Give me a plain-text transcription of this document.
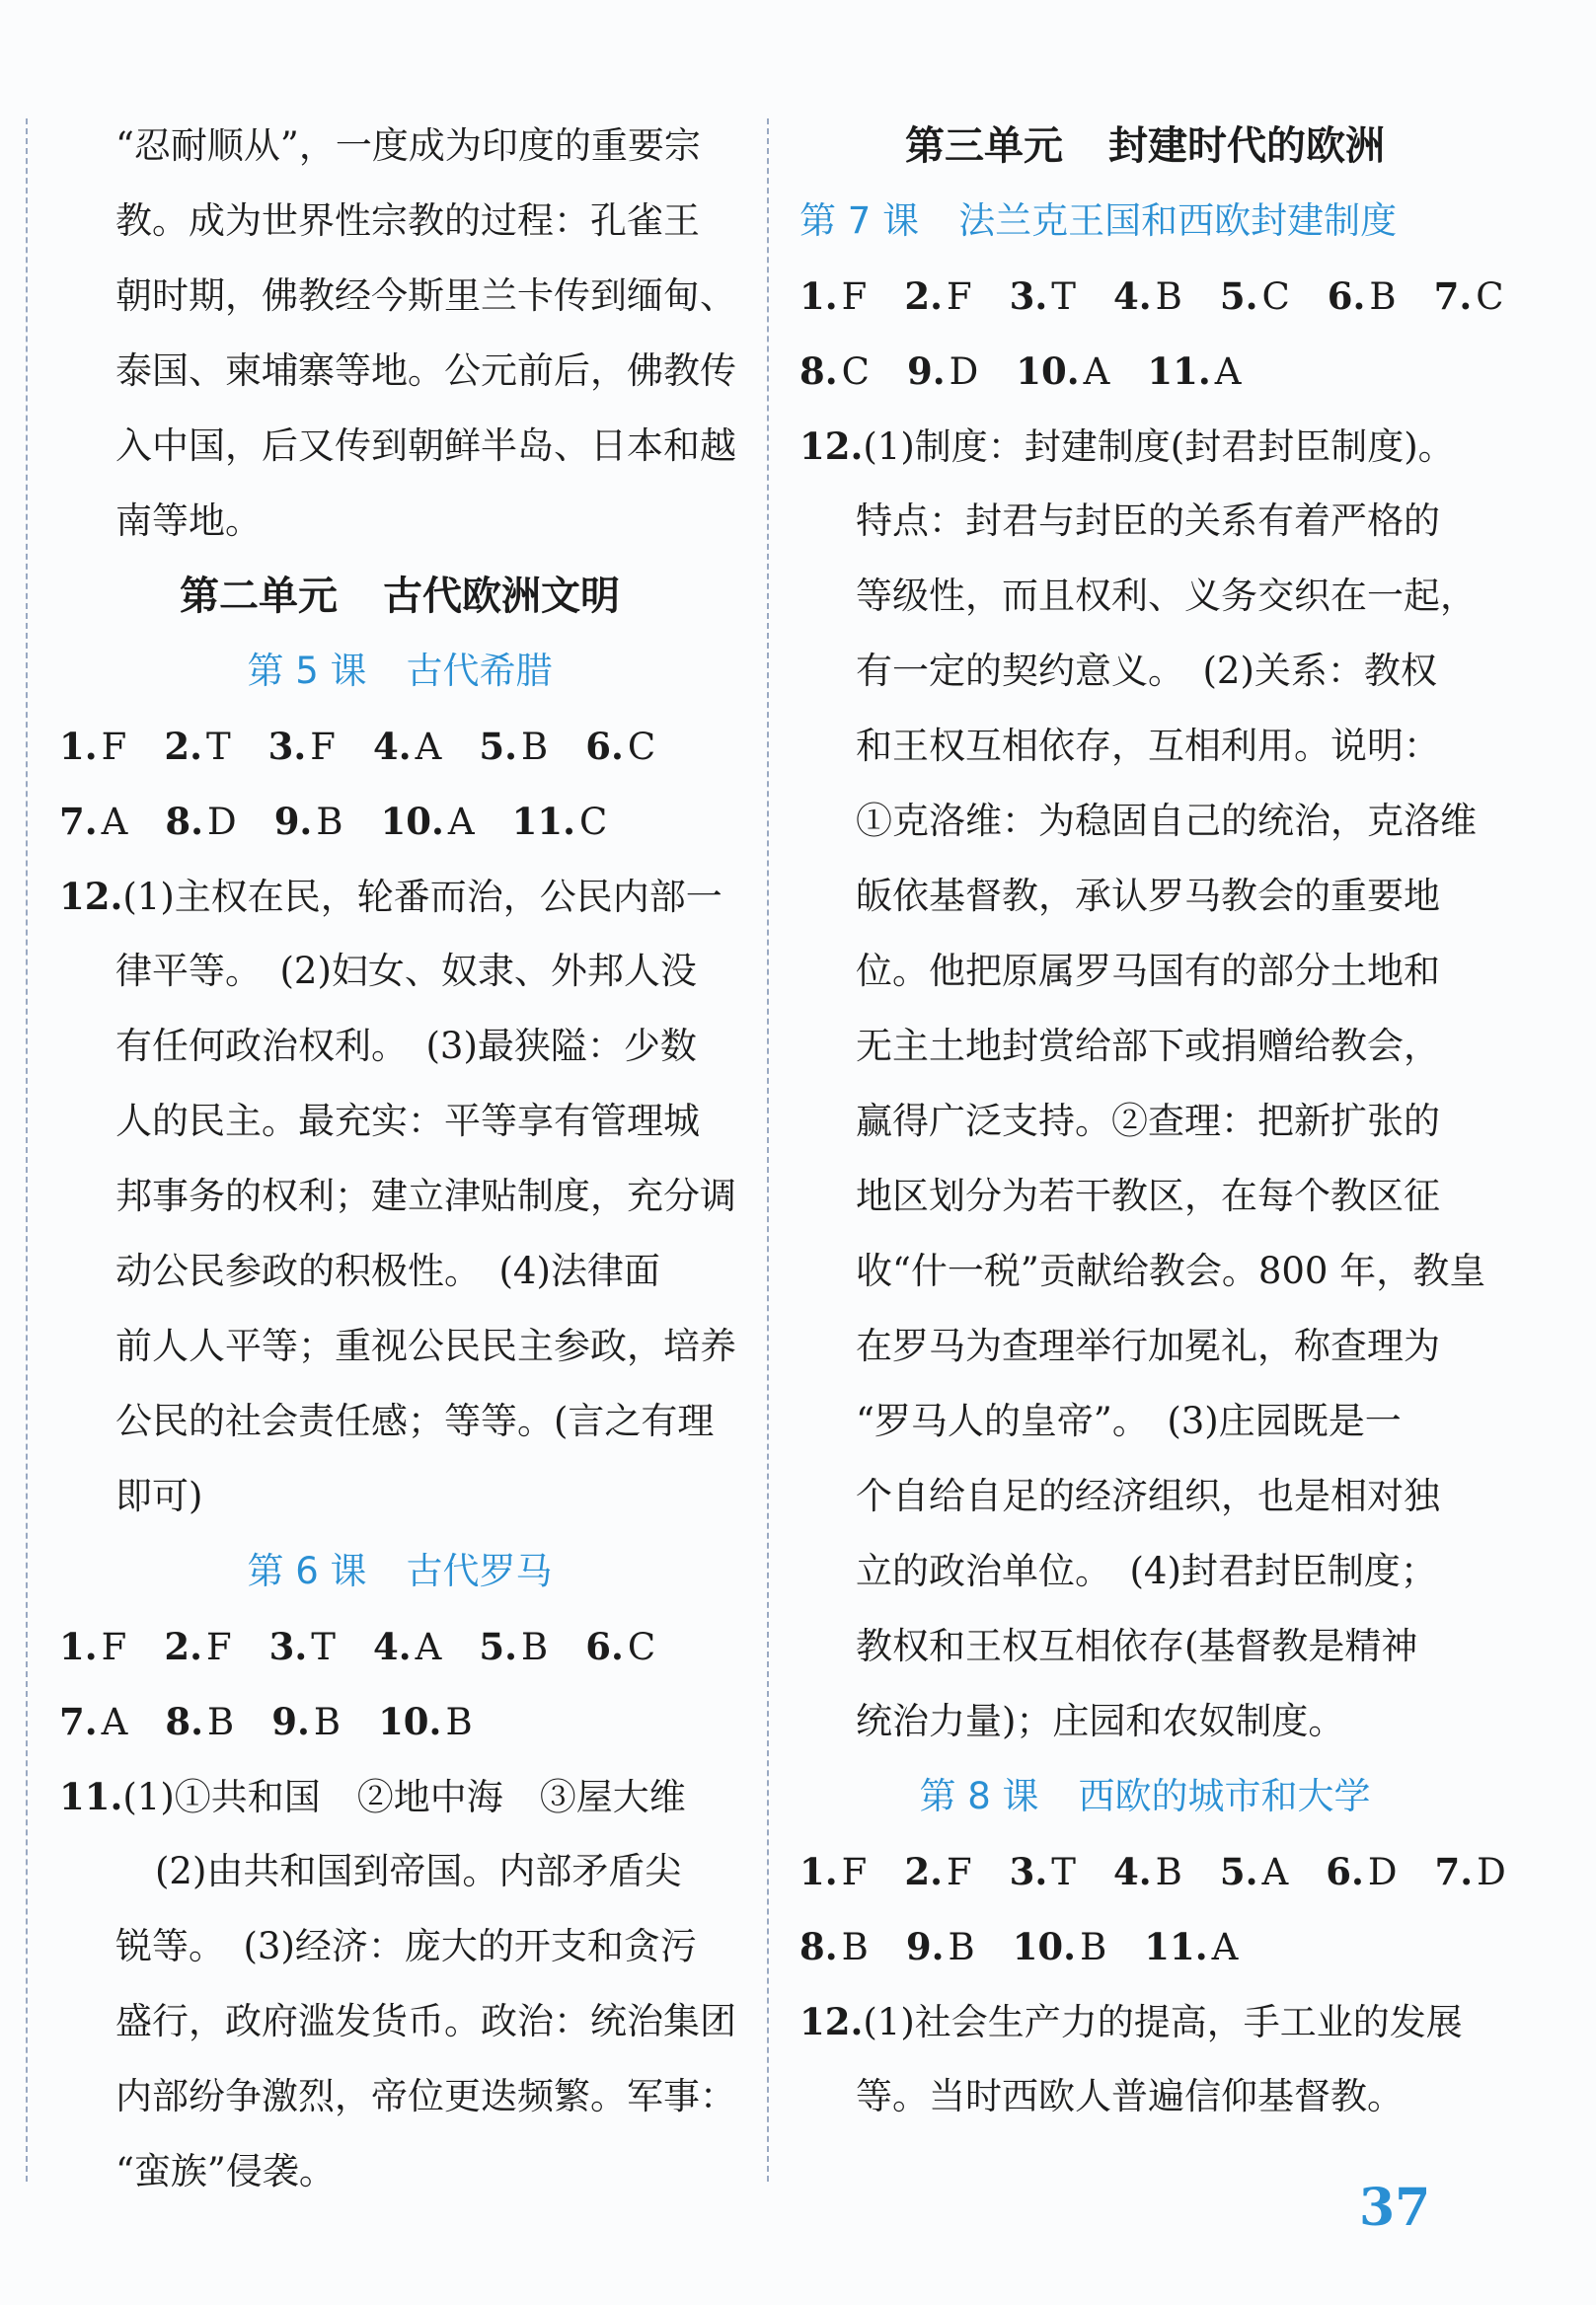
“忍耐顺从”，一度成为印度的重要宗
教。成为世界性宗教的过程：孔雀王
朝时期，佛教经今斯里兰卡传到缅甸、
泰国、柬埔寨等地。公元前后，佛教传
入中国，后又传到朝鲜半岛、日本和越
南等地。
第二单元 古代欧洲文明
第 5 课 古代希腊
1. F 2. T 3. F 4. A 5. B 6. C
7. A 8. D 9. B 10. A 11. C
12.(1)主权在民，轮番而治，公民内部一
律平等。　(2)妇女、奴隶、外邦人没
有任何政治权利。　(3)最狭隘：少数
人的民主。最充实：平等享有管理城
邦事务的权利；建立津贴制度，充分调
动公民参政的积极性。　(4)法律面
前人人平等；重视公民民主参政，培养
公民的社会责任感；等等。(言之有理
即可)
第 6 课 古代罗马
1. F 2. F 3. T 4. A 5. B 6. C
7. A 8. B 9. B 10. B
11.(1)①共和国　②地中海　③屋大维
(2)由共和国到帝国。内部矛盾尖
锐等。　(3)经济：庞大的开支和贪污
盛行，政府滥发货币。政治：统治集团
内部纷争激烈，帝位更迭频繁。军事：
“蛮族”侵袭。
第三单元 封建时代的欧洲
第 7 课 法兰克王国和西欧封建制度
1. F 2. F 3. T 4. B 5. C 6. B 7. C
8. C 9. D 10. A 11. A
12.(1)制度：封建制度(封君封臣制度)。
特点：封君与封臣的关系有着严格的
等级性，而且权利、义务交织在一起，
有一定的契约意义。　(2)关系：教权
和王权互相依存，互相利用。说明：
①克洛维：为稳固自己的统治，克洛维
皈依基督教，承认罗马教会的重要地
位。他把原属罗马国有的部分土地和
无主土地封赏给部下或捐赠给教会，
赢得广泛支持。②查理：把新扩张的
地区划分为若干教区，在每个教区征
收“什一税”贡献给教会。800 年，教皇
在罗马为查理举行加冕礼，称查理为
“罗马人的皇帝”。　(3)庄园既是一
个自给自足的经济组织，也是相对独
立的政治单位。　(4)封君封臣制度；
教权和王权互相依存(基督教是精神
统治力量)；庄园和农奴制度。
第 8 课 西欧的城市和大学
1. F 2. F 3. T 4. B 5. A 6. D 7. D
8. B 9. B 10. B 11. A
12.(1)社会生产力的提高，手工业的发展
等。当时西欧人普遍信仰基督教。
37
